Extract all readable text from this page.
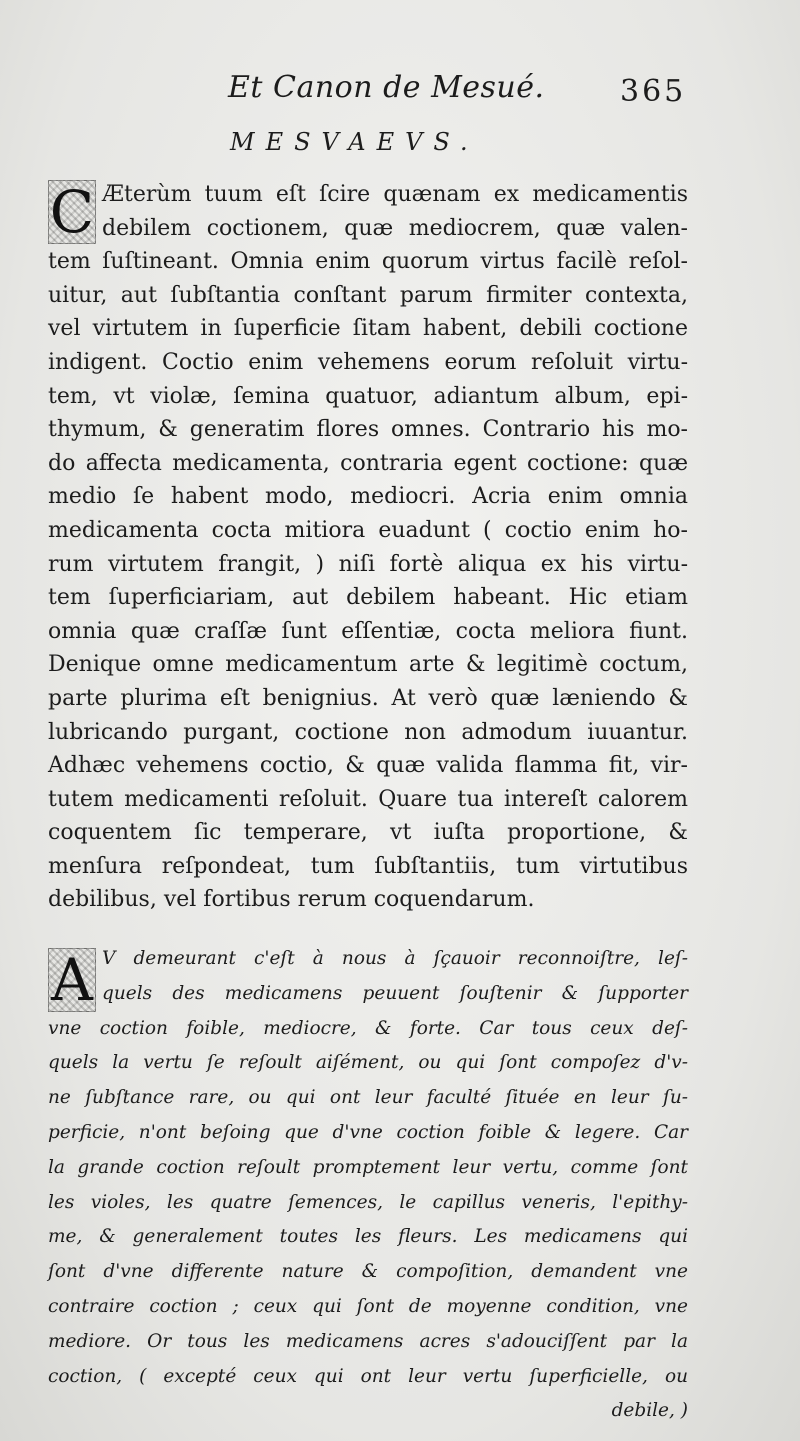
Et Canon de Mesué.	365
MESVAEVS.
C Æterùm tuum eſt ſcire quænam ex medicamentis
debilem coctionem, quæ mediocrem, quæ valen-
tem ſuſtineant. Omnia enim quorum virtus facilè reſol-
uitur, aut ſubſtantia conſtant parum firmiter contexta,
vel virtutem in ſuperficie ſitam habent, debili coctione
indigent. Coctio enim vehemens eorum reſoluit virtu-
tem, vt violæ, ſemina quatuor, adiantum album, epi-
thymum, & generatim flores omnes. Contrario his mo-
do affecta medicamenta, contraria egent coctione: quæ
medio ſe habent modo, mediocri. Acria enim omnia
medicamenta cocta mitiora euadunt ( coctio enim ho-
rum virtutem frangit, ) niſi fortè aliqua ex his virtu-
tem ſuperficiariam, aut debilem habeant. Hic etiam
omnia quæ craſſæ ſunt eſſentiæ, cocta meliora fiunt.
Denique omne medicamentum arte & legitimè coctum,
parte plurima eſt benignius. At verò quæ læniendo &
lubricando purgant, coctione non admodum iuuantur.
Adhæc vehemens coctio, & quæ valida flamma fit, vir-
tutem medicamenti reſoluit. Quare tua intereſt calorem
coquentem ſic temperare, vt iuſta proportione, &
menſura reſpondeat, tum ſubſtantiis, tum virtutibus
debilibus, vel fortibus rerum coquendarum.
A V demeurant c'eſt à nous à ſçauoir reconnoiſtre, leſ-
quels des medicamens peuuent ſouſtenir & ſupporter
vne coction foible, mediocre, & forte. Car tous ceux deſ-
quels la vertu ſe reſoult aiſément, ou qui ſont compoſez d'v-
ne ſubſtance rare, ou qui ont leur faculté ſituée en leur ſu-
perficie, n'ont beſoing que d'vne coction foible & legere. Car
la grande coction reſoult promptement leur vertu, comme ſont
les violes, les quatre ſemences, le capillus veneris, l'epithy-
me, & generalement toutes les fleurs. Les medicamens qui
ſont d'vne differente nature & compoſition, demandent vne
contraire coction ; ceux qui ſont de moyenne condition, vne
mediore. Or tous les medicamens acres s'adouciſſent par la
coction, ( excepté ceux qui ont leur vertu ſuperficielle, ou
debile, )
